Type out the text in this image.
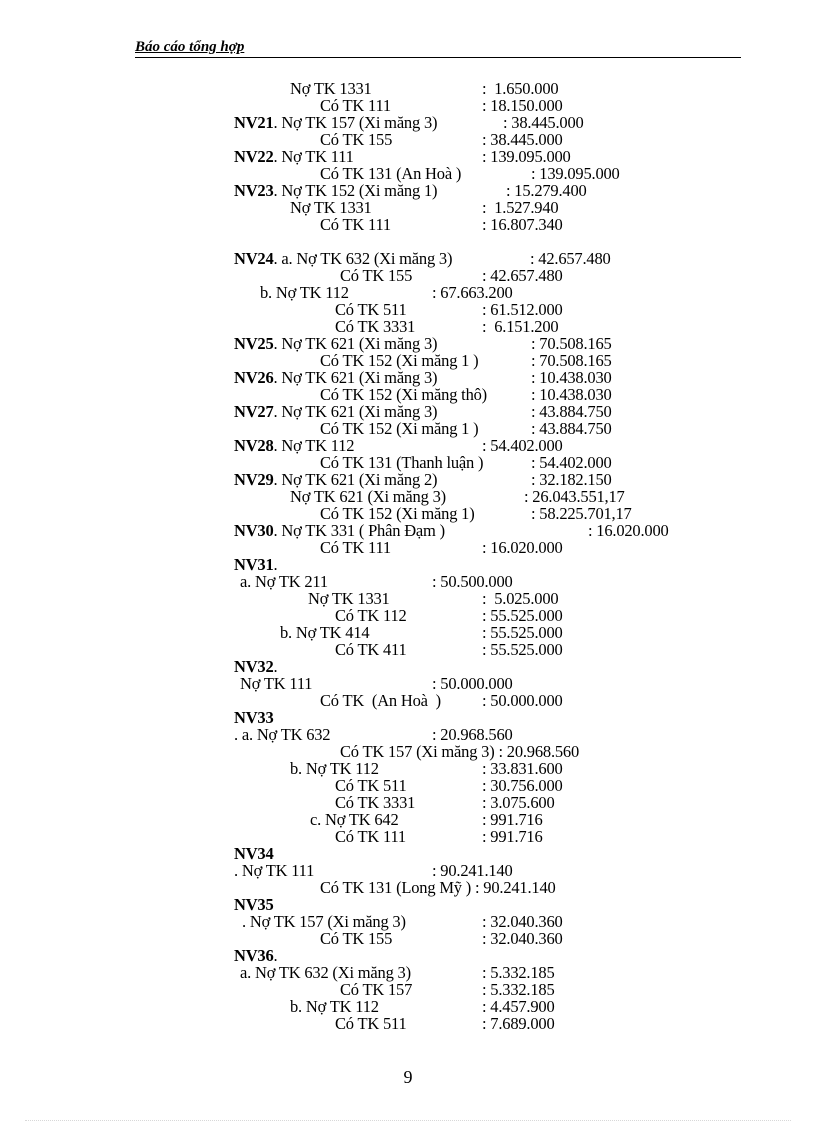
Báo cáo tổng hợp
Nợ TK 1331	:  1.650.000
Có TK 111	: 18.150.000
NV21. Nợ TK 157 (Xi măng 3)	: 38.445.000
Có TK 155	: 38.445.000
NV22. Nợ TK 111	: 139.095.000
Có TK 131 (An Hoà )	: 139.095.000
NV23. Nợ TK 152 (Xi măng 1)	: 15.279.400
Nợ TK 1331	:  1.527.940
Có TK 111	: 16.807.340
NV24. a. Nợ TK 632 (Xi măng 3)	: 42.657.480
Có TK 155	: 42.657.480
b. Nợ TK 112	: 67.663.200
Có TK 511	: 61.512.000
Có TK 3331	:  6.151.200
NV25. Nợ TK 621 (Xi măng 3)	: 70.508.165
Có TK 152 (Xi măng 1 )	: 70.508.165
NV26. Nợ TK 621 (Xi măng 3)	: 10.438.030
Có TK 152 (Xi măng thô)	: 10.438.030
NV27. Nợ TK 621 (Xi măng 3)	: 43.884.750
Có TK 152 (Xi măng 1 )	: 43.884.750
NV28. Nợ TK 112	: 54.402.000
Có TK 131 (Thanh luận )	: 54.402.000
NV29. Nợ TK 621 (Xi măng 2)	: 32.182.150
Nợ TK 621 (Xi măng 3)	: 26.043.551,17
Có TK 152 (Xi măng 1)	: 58.225.701,17
NV30. Nợ TK 331 ( Phân Đạm )	: 16.020.000
Có TK 111	: 16.020.000
NV31.
a. Nợ TK 211	: 50.500.000
Nợ TK 1331	:  5.025.000
Có TK 112	: 55.525.000
b. Nợ TK 414	: 55.525.000
Có TK 411	: 55.525.000
NV32.
Nợ TK 111	: 50.000.000
Có TK  (An Hoà  ) : 50.000.000
NV33
. a. Nợ TK 632	: 20.968.560
Có TK 157 (Xi măng 3) : 20.968.560
b. Nợ TK 112	: 33.831.600
Có TK 511	: 30.756.000
Có TK 3331	: 3.075.600
c. Nợ TK 642	: 991.716
Có TK 111	: 991.716
NV34
. Nợ TK 111	: 90.241.140
Có TK 131 (Long Mỹ ) : 90.241.140
NV35
. Nợ TK 157 (Xi măng 3)	: 32.040.360
Có TK 155	: 32.040.360
NV36.
a. Nợ TK 632 (Xi măng 3)	: 5.332.185
Có TK 157	: 5.332.185
b. Nợ TK 112	: 4.457.900
Có TK 511	: 7.689.000
9
